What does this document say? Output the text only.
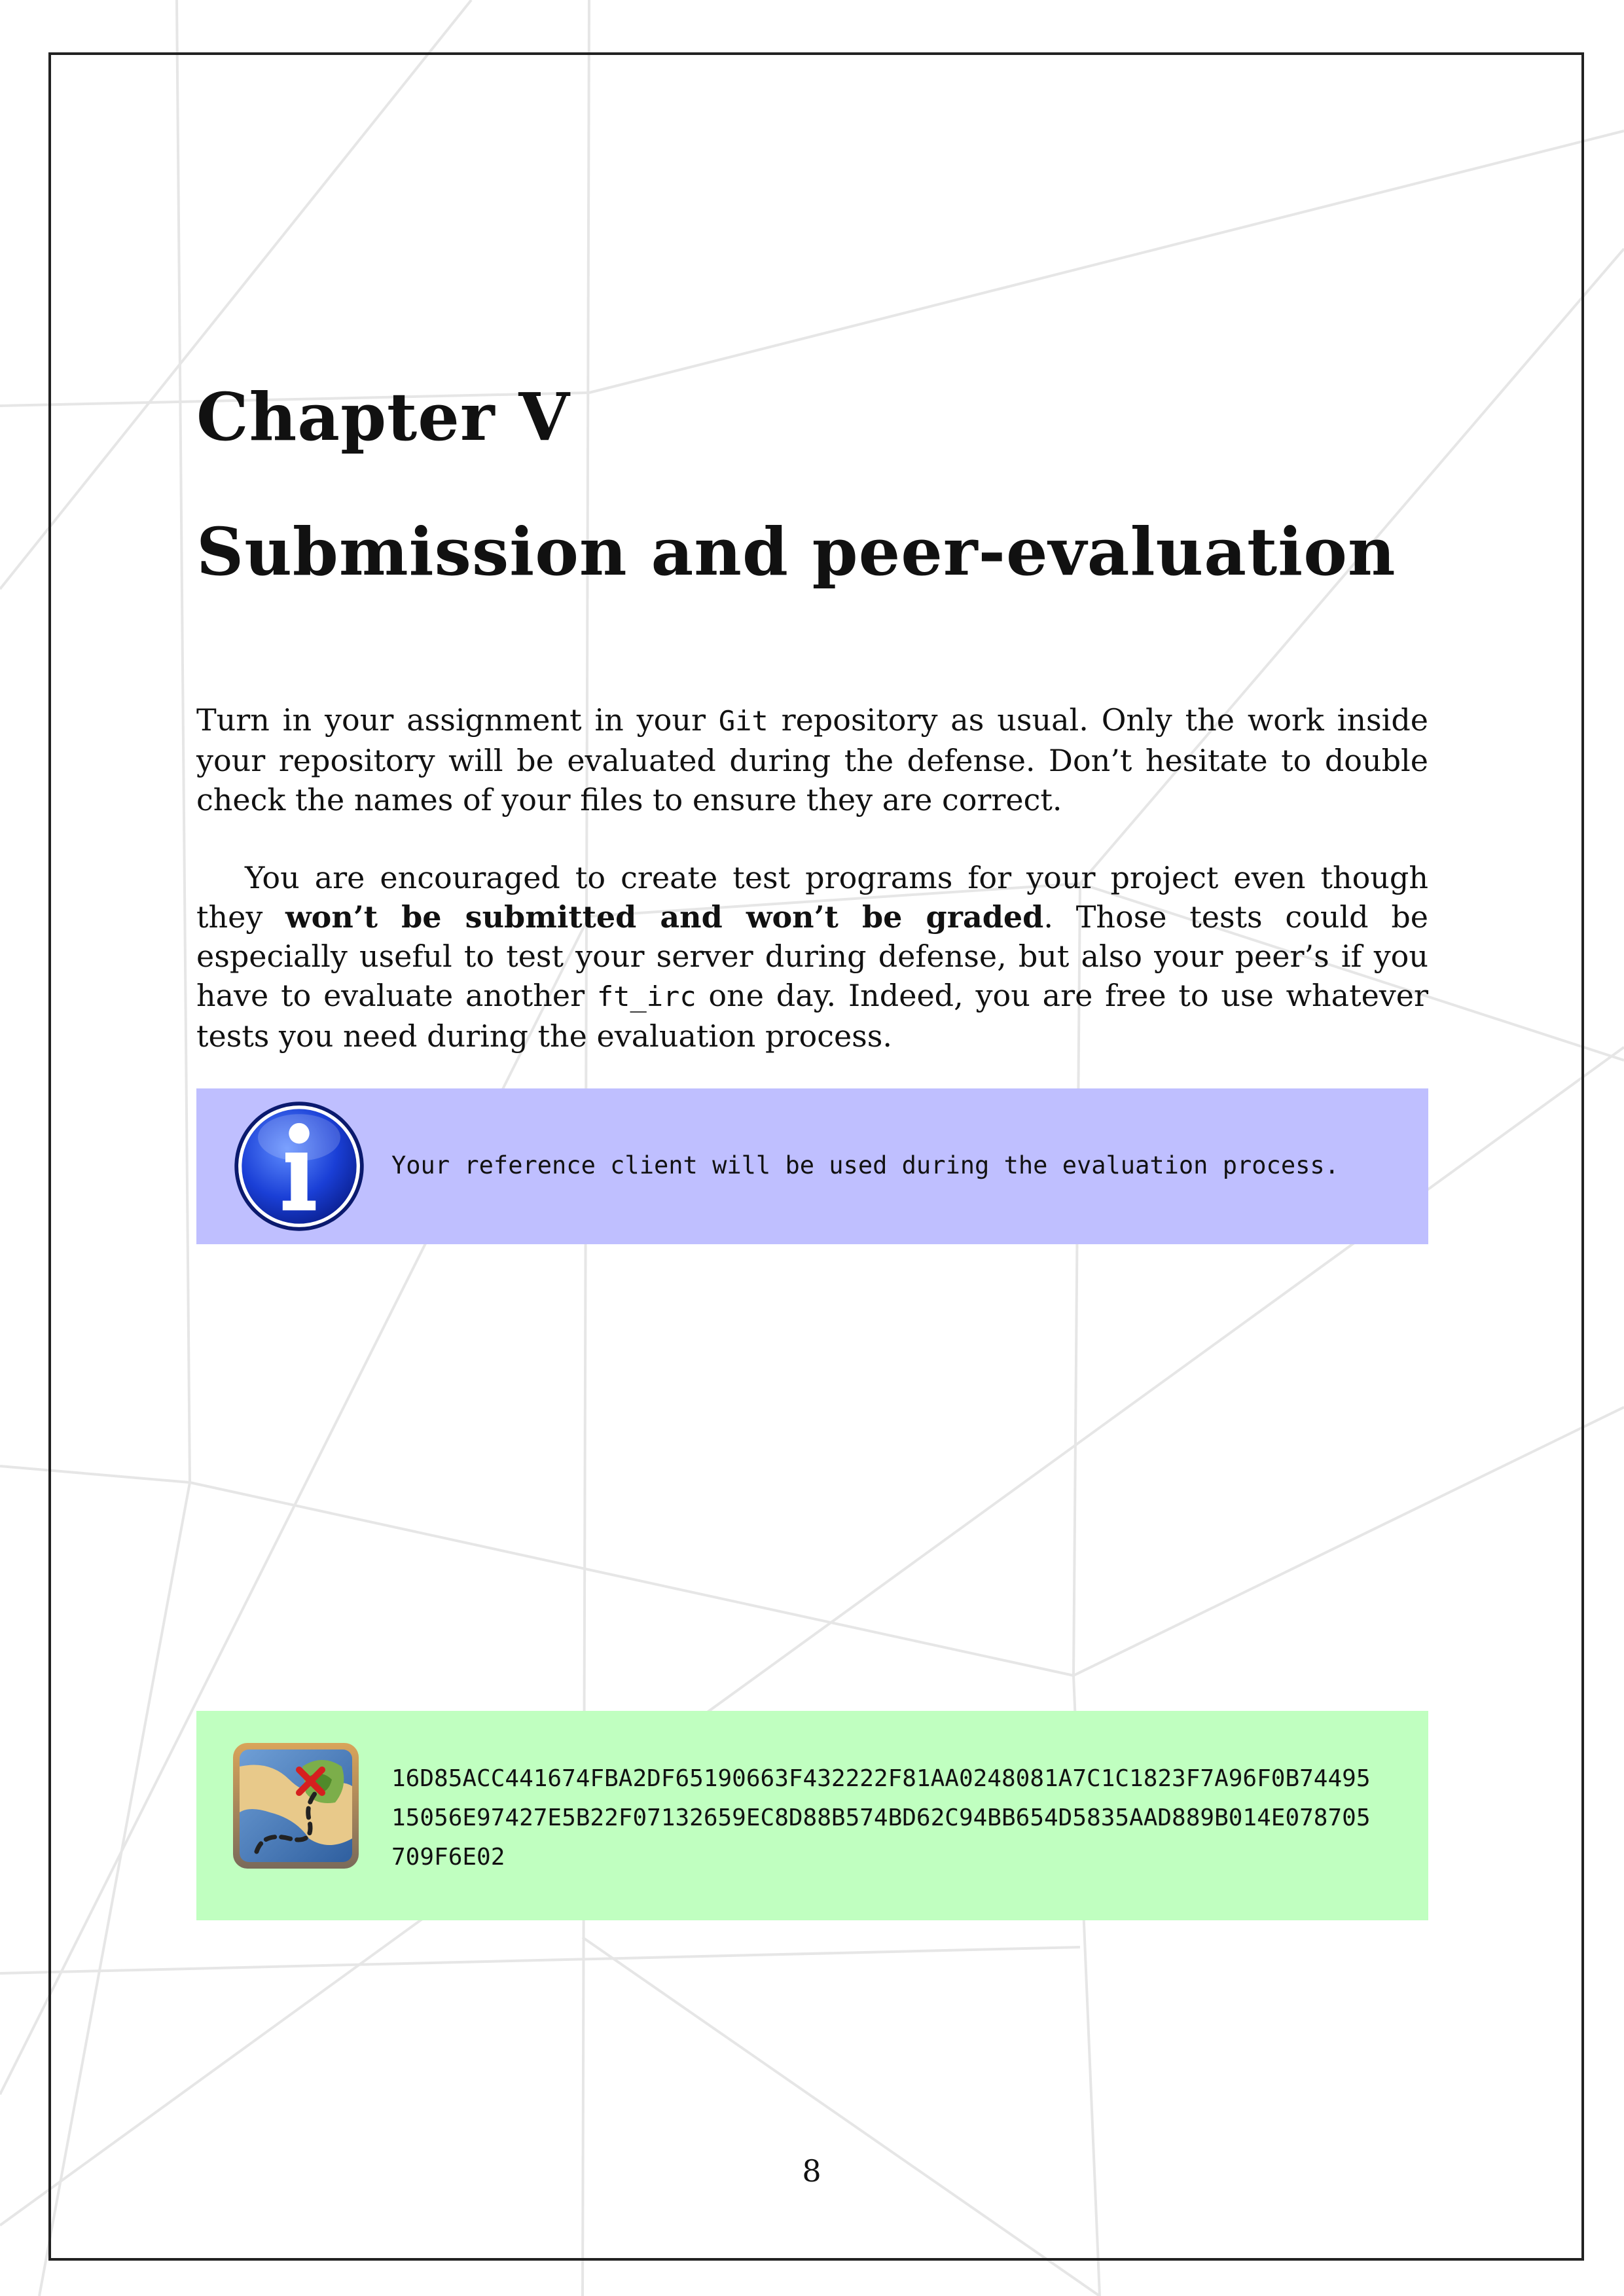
Chapter V
Submission and peer-evaluation

Turn in your assignment in your Git repository as usual. Only the work inside your repository will be evaluated during the defense. Don’t hesitate to double check the names of your files to ensure they are correct.

You are encouraged to create test programs for your project even though they won’t be submitted and won’t be graded. Those tests could be especially useful to test your server during defense, but also your peer’s if you have to evaluate another ft_irc one day. Indeed, you are free to use whatever tests you need during the evaluation process.

Your reference client will be used during the evaluation process.

16D85ACC441674FBA2DF65190663F432222F81AA0248081A7C1C1823F7A96F0B74495
15056E97427E5B22F07132659EC8D88B574BD62C94BB654D5835AAD889B014E078705
709F6E02
8
